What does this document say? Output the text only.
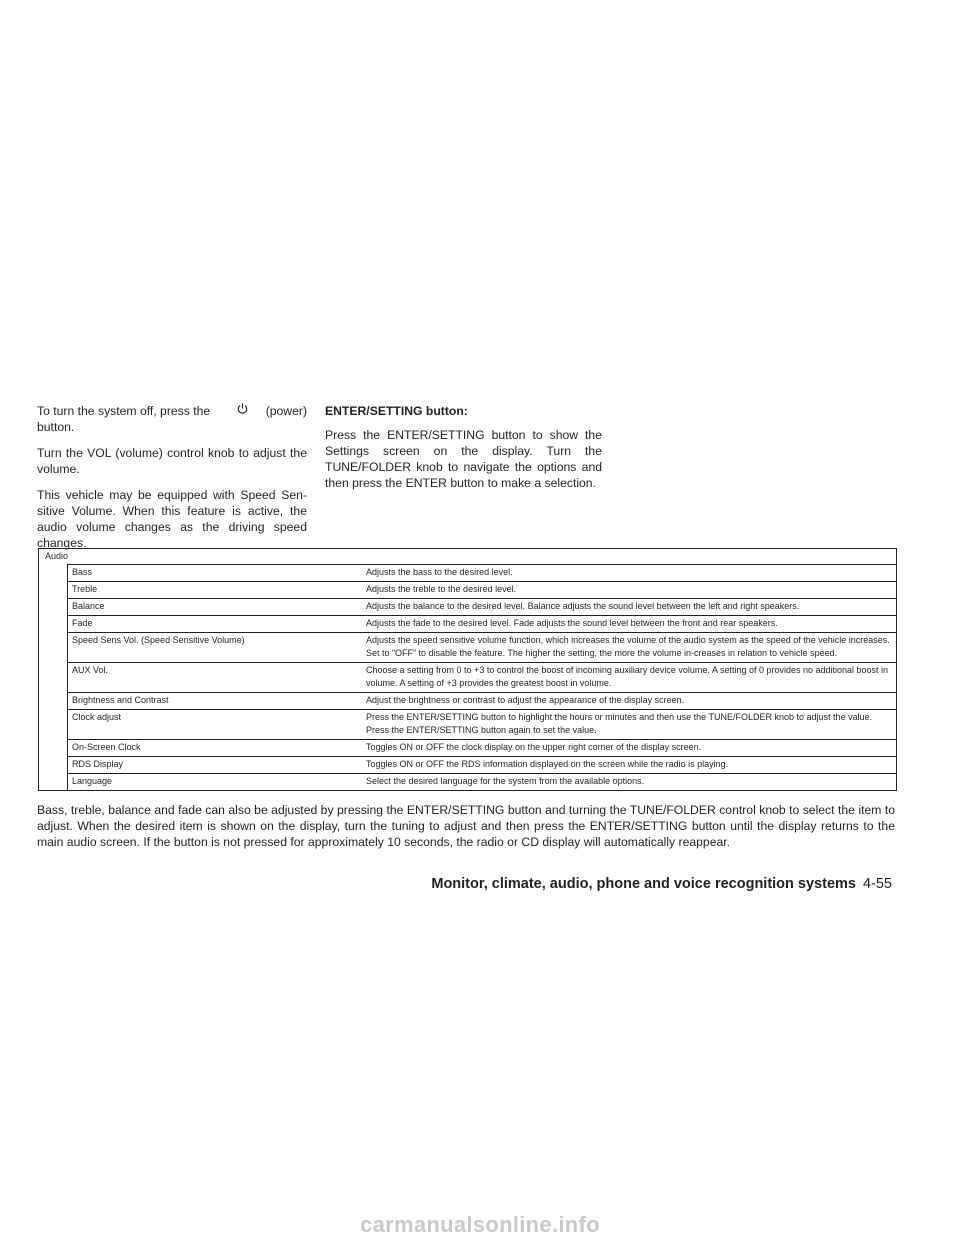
To turn the system off, press the	(power)
button.

Turn the VOL (volume) control knob to adjust the volume.

This vehicle may be equipped with Speed Sen-sitive Volume. When this feature is active, the audio volume changes as the driving speed changes.

ENTER/SETTING button:

Press the ENTER/SETTING button to show the Settings screen on the display. Turn the TUNE/FOLDER knob to navigate the options and then press the ENTER button to make a selection.

Audio
Bass	Adjusts the bass to the desired level.
Treble	Adjusts the treble to the desired level.
Balance	Adjusts the balance to the desired level. Balance adjusts the sound level between the left and right speakers.
Fade	Adjusts the fade to the desired level. Fade adjusts the sound level between the front and rear speakers.
Speed Sens Vol. (Speed Sensitive Volume)	Adjusts the speed sensitive volume function, which increases the volume of the audio system as the speed of the vehicle increases. Set to “OFF” to disable the feature. The higher the setting, the more the volume in-creases in relation to vehicle speed.
AUX Vol.	Choose a setting from 0 to +3 to control the boost of incoming auxiliary device volume. A setting of 0 provides no additional boost in volume. A setting of +3 provides the greatest boost in volume.
Brightness and Contrast	Adjust the brightness or contrast to adjust the appearance of the display screen.
Clock adjust	Press the ENTER/SETTING button to highlight the hours or minutes and then use the TUNE/FOLDER knob to adjust the value. Press the ENTER/SETTING button again to set the value.
On-Screen Clock	Toggles ON or OFF the clock display on the upper right corner of the display screen.
RDS Display	Toggles ON or OFF the RDS information displayed on the screen while the radio is playing.
Language	Select the desired language for the system from the available options.

Bass, treble, balance and fade can also be adjusted by pressing the ENTER/SETTING button and turning the TUNE/FOLDER control knob to select the item to adjust. When the desired item is shown on the display, turn the tuning to adjust and then press the ENTER/SETTING button until the display returns to the main audio screen. If the button is not pressed for approximately 10 seconds, the radio or CD display will automatically reappear.

Monitor, climate, audio, phone and voice recognition systems 4-55
carmanualsonline.info
